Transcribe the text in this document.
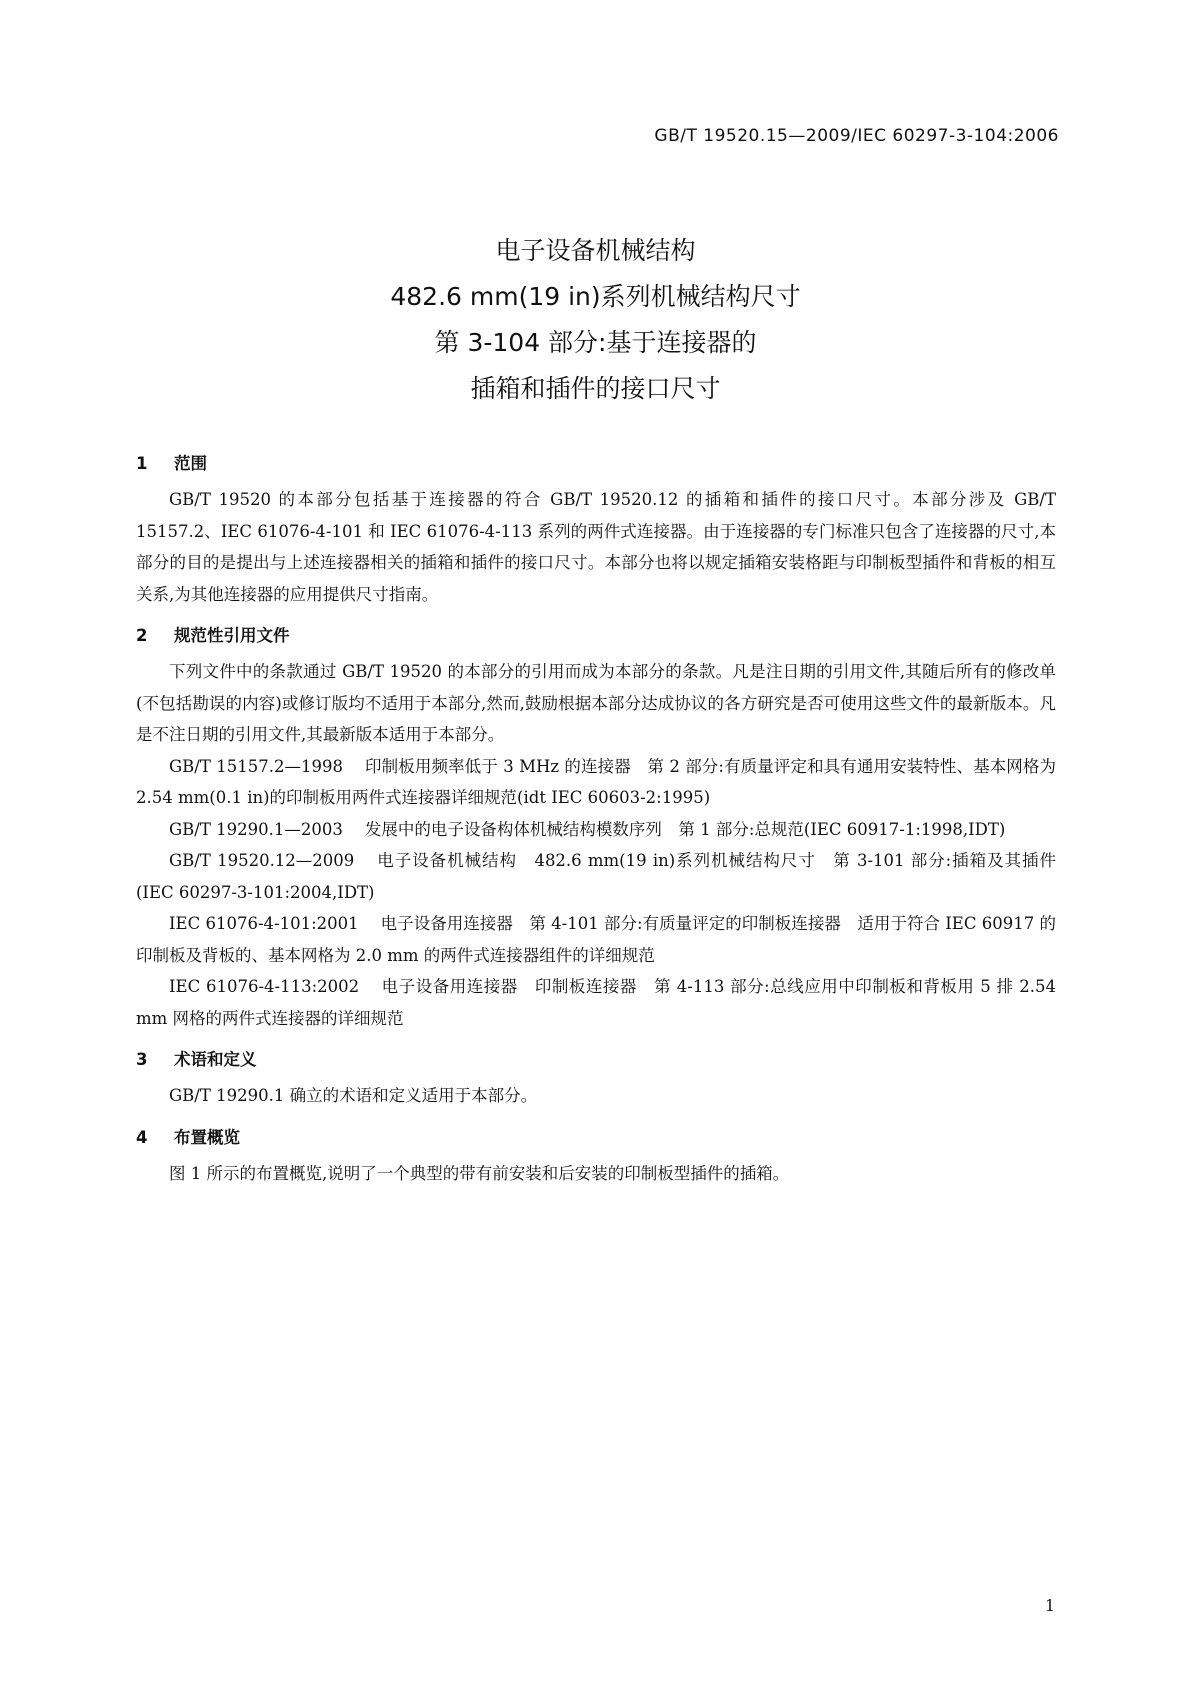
GB/T 19520.15—2009/IEC 60297-3-104:2006
电子设备机械结构
482.6 mm(19 in)系列机械结构尺寸
第 3-104 部分:基于连接器的
插箱和插件的接口尺寸
1 范围

GB/T 19520 的本部分包括基于连接器的符合 GB/T 19520.12 的插箱和插件的接口尺寸。本部分涉及 GB/T 15157.2、IEC 61076-4-101 和 IEC 61076-4-113 系列的两件式连接器。由于连接器的专门标准只包含了连接器的尺寸,本部分的目的是提出与上述连接器相关的插箱和插件的接口尺寸。本部分也将以规定插箱安装格距与印制板型插件和背板的相互关系,为其他连接器的应用提供尺寸指南。

2 规范性引用文件

下列文件中的条款通过 GB/T 19520 的本部分的引用而成为本部分的条款。凡是注日期的引用文件,其随后所有的修改单(不包括勘误的内容)或修订版均不适用于本部分,然而,鼓励根据本部分达成协议的各方研究是否可使用这些文件的最新版本。凡是不注日期的引用文件,其最新版本适用于本部分。

GB/T 15157.2—1998 印制板用频率低于 3 MHz 的连接器　第 2 部分:有质量评定和具有通用安装特性、基本网格为 2.54 mm(0.1 in)的印制板用两件式连接器详细规范(idt IEC 60603-2:1995)

GB/T 19290.1—2003 发展中的电子设备构体机械结构模数序列　第 1 部分:总规范(IEC 60917-1:1998,IDT)

GB/T 19520.12—2009 电子设备机械结构　482.6 mm(19 in)系列机械结构尺寸　第 3-101 部分:插箱及其插件(IEC 60297-3-101:2004,IDT)

IEC 61076-4-101:2001 电子设备用连接器　第 4-101 部分:有质量评定的印制板连接器　适用于符合 IEC 60917 的印制板及背板的、基本网格为 2.0 mm 的两件式连接器组件的详细规范

IEC 61076-4-113:2002 电子设备用连接器　印制板连接器　第 4-113 部分:总线应用中印制板和背板用 5 排 2.54 mm 网格的两件式连接器的详细规范

3 术语和定义

GB/T 19290.1 确立的术语和定义适用于本部分。

4 布置概览

图 1 所示的布置概览,说明了一个典型的带有前安装和后安装的印制板型插件的插箱。

1
